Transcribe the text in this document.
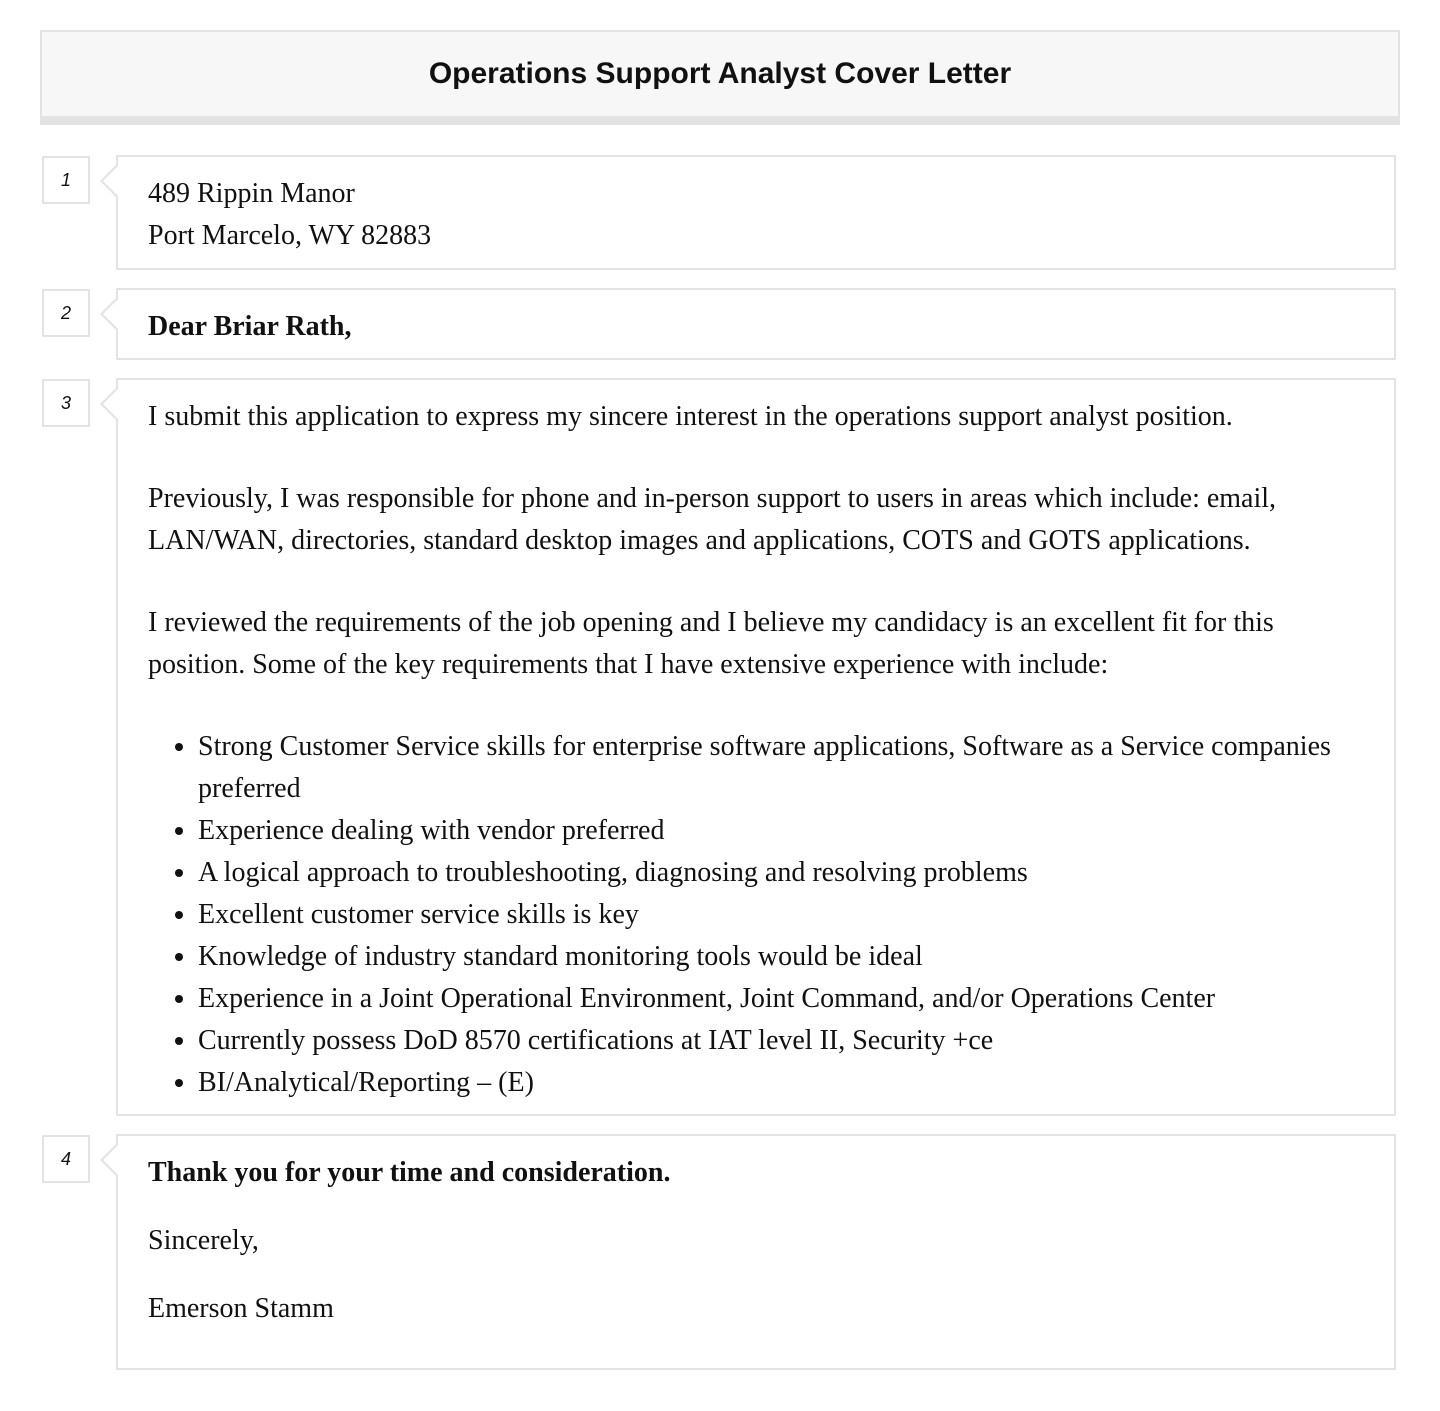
Operations Support Analyst Cover Letter
1	489 Rippin Manor

Port Marcelo, WY 82883

2	Dear Briar Rath,

3	I submit this application to express my sincere interest in the operations support analyst position.

Previously, I was responsible for phone and in-person support to users in areas which include: email, LAN/WAN, directories, standard desktop images and applications, COTS and GOTS applications.

I reviewed the requirements of the job opening and I believe my candidacy is an excellent fit for this position. Some of the key requirements that I have extensive experience with include:

• Strong Customer Service skills for enterprise software applications, Software as a Service companies preferred
• Experience dealing with vendor preferred
• A logical approach to troubleshooting, diagnosing and resolving problems
• Excellent customer service skills is key
• Knowledge of industry standard monitoring tools would be ideal
• Experience in a Joint Operational Environment, Joint Command, and/or Operations Center
• Currently possess DoD 8570 certifications at IAT level II, Security +ce
• BI/Analytical/Reporting – (E)
4	Thank you for your time and consideration.

Sincerely,

Emerson Stamm
